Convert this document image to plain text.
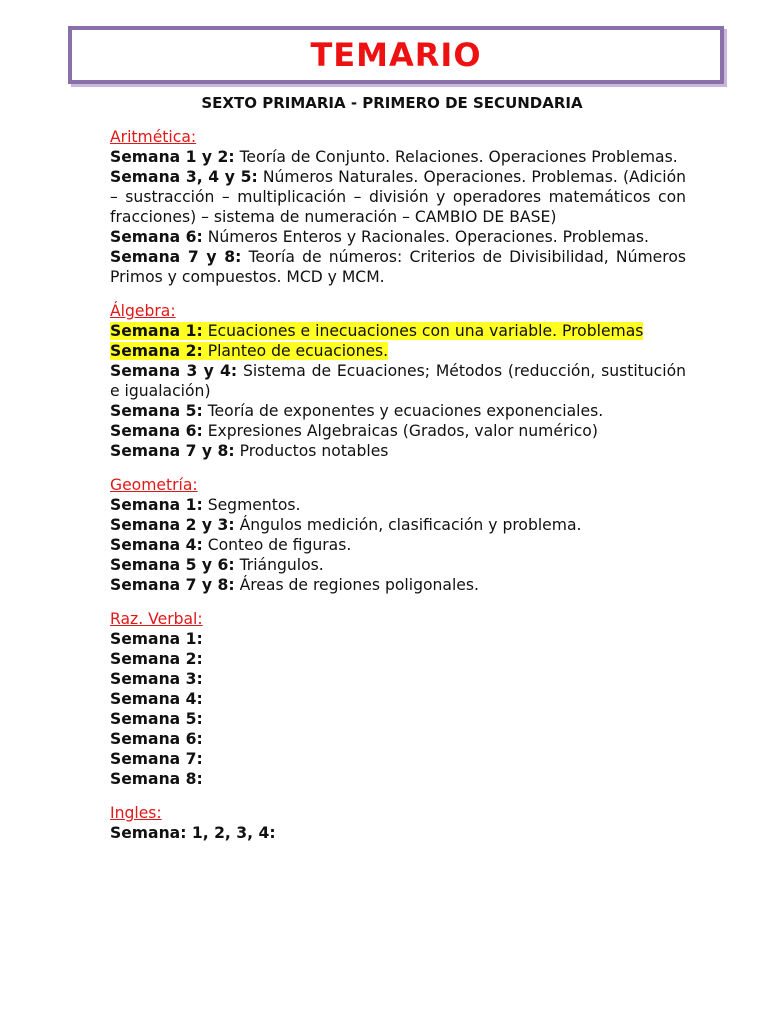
TEMARIO
SEXTO PRIMARIA - PRIMERO DE SECUNDARIA
Aritmética:
Semana 1 y 2: Teoría de Conjunto. Relaciones. Operaciones Problemas.
Semana 3, 4 y 5: Números Naturales. Operaciones. Problemas. (Adición – sustracción – multiplicación – división y operadores matemáticos con fracciones) – sistema de numeración – CAMBIO DE BASE)
Semana 6: Números Enteros y Racionales. Operaciones. Problemas.
Semana 7 y 8: Teoría de números: Criterios de Divisibilidad, Números Primos y compuestos. MCD y MCM.
Álgebra:
Semana 1: Ecuaciones e inecuaciones con una variable. Problemas
Semana 2: Planteo de ecuaciones.
Semana 3 y 4: Sistema de Ecuaciones; Métodos (reducción, sustitución e igualación)
Semana 5: Teoría de exponentes y ecuaciones exponenciales.
Semana 6: Expresiones Algebraicas (Grados, valor numérico)
Semana 7 y 8: Productos notables
Geometría:
Semana 1: Segmentos.
Semana 2 y 3: Ángulos medición, clasificación y problema.
Semana 4: Conteo de figuras.
Semana 5 y 6: Triángulos.
Semana 7 y 8: Áreas de regiones poligonales.
Raz. Verbal:
Semana 1:
Semana 2:
Semana 3:
Semana 4:
Semana 5:
Semana 6:
Semana 7:
Semana 8:
Ingles:
Semana: 1, 2, 3, 4:
